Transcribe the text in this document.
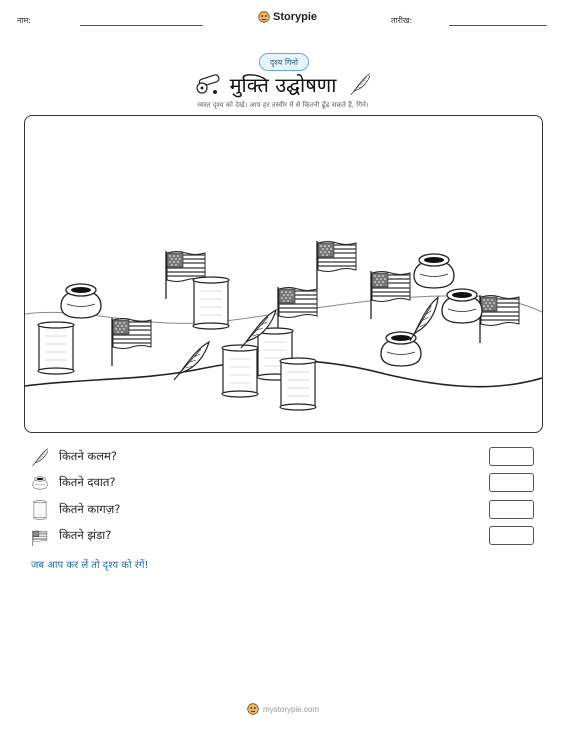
नाम:	Storypie	तारीख:
दृश्य गिनो
मुक्ति उद्घोषणा
व्यस्त दृश्य को देखें। आप हर तस्वीर में से कितनी ढूँढ सकते हैं, गिनें।
कितने कलम?
कितने दवात?
कितने कागज़?
कितने झंडा?
जब आप कर लें तो दृश्य को रंगें!
mystorypie.com
